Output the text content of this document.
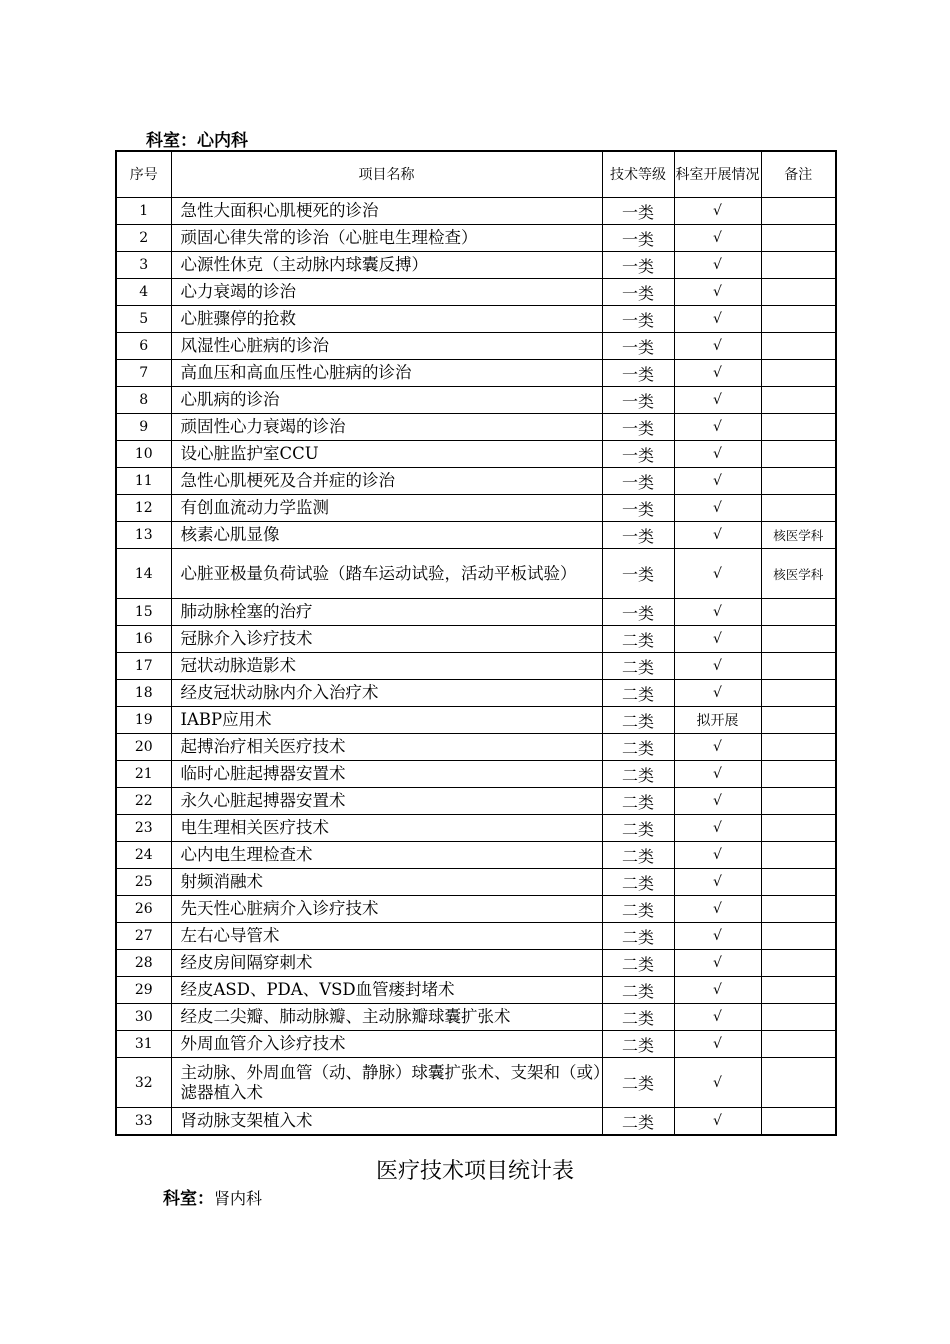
科室：心内科
序号	项目名称	技术等级	科室开展情况	备注
1	急性大面积心肌梗死的诊治	一类	√	
2	顽固心律失常的诊治（心脏电生理检查）	一类	√	
3	心源性休克（主动脉内球囊反搏）	一类	√	
4	心力衰竭的诊治	一类	√	
5	心脏骤停的抢救	一类	√	
6	风湿性心脏病的诊治	一类	√	
7	高血压和高血压性心脏病的诊治	一类	√	
8	心肌病的诊治	一类	√	
9	顽固性心力衰竭的诊治	一类	√	
10	设心脏监护室CCU	一类	√	
11	急性心肌梗死及合并症的诊治	一类	√	
12	有创血流动力学监测	一类	√	
13	核素心肌显像	一类	√	核医学科
14	心脏亚极量负荷试验（踏车运动试验，活动平板试验）	一类	√	核医学科
15	肺动脉栓塞的治疗	一类	√	
16	冠脉介入诊疗技术	二类	√	
17	冠状动脉造影术	二类	√	
18	经皮冠状动脉内介入治疗术	二类	√	
19	IABP应用术	二类	拟开展	
20	起搏治疗相关医疗技术	二类	√	
21	临时心脏起搏器安置术	二类	√	
22	永久心脏起搏器安置术	二类	√	
23	电生理相关医疗技术	二类	√	
24	心内电生理检查术	二类	√	
25	射频消融术	二类	√	
26	先天性心脏病介入诊疗技术	二类	√	
27	左右心导管术	二类	√	
28	经皮房间隔穿刺术	二类	√	
29	经皮ASD、PDA、VSD血管瘘封堵术	二类	√	
30	经皮二尖瓣、肺动脉瓣、主动脉瓣球囊扩张术	二类	√	
31	外周血管介入诊疗技术	二类	√	
32	主动脉、外周血管（动、静脉）球囊扩张术、支架和（或）滤器植入术	二类	√	
33	肾动脉支架植入术	二类	√	
医疗技术项目统计表
科室：肾内科
